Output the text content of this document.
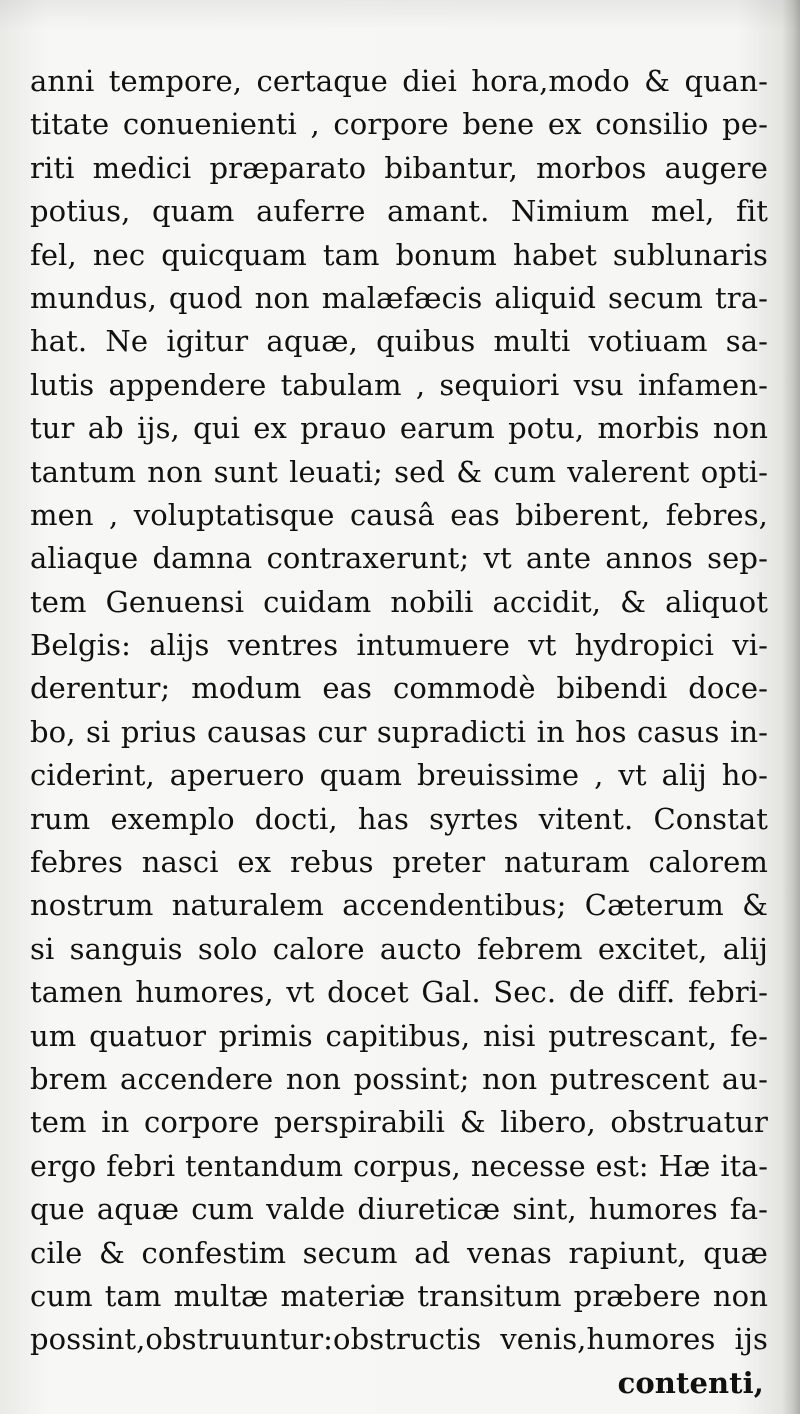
anni tempore, certaque diei hora,modo & quan-
titate conuenienti , corpore bene ex consilio pe-
riti medici præparato bibantur, morbos augere
potius, quam auferre amant. Nimium mel, fit
fel, nec quicquam tam bonum habet sublunaris
mundus, quod non malæfæcis aliquid secum tra-
hat. Ne igitur aquæ, quibus multi votiuam sa-
lutis appendere tabulam , sequiori vsu infamen-
tur ab ijs, qui ex prauo earum potu, morbis non
tantum non sunt leuati; sed & cum valerent opti-
men , voluptatisque causâ eas biberent, febres,
aliaque damna contraxerunt; vt ante annos sep-
tem Genuensi cuidam nobili accidit, & aliquot
Belgis: alijs ventres intumuere vt hydropici vi-
derentur; modum eas commodè bibendi doce-
bo, si prius causas cur supradicti in hos casus in-
ciderint, aperuero quam breuissime , vt alij ho-
rum exemplo docti, has syrtes vitent. Constat
febres nasci ex rebus preter naturam calorem
nostrum naturalem accendentibus; Cæterum &
si sanguis solo calore aucto febrem excitet, alij
tamen humores, vt docet Gal. Sec. de diff. febri-
um quatuor primis capitibus, nisi putrescant, fe-
brem accendere non possint; non putrescent au-
tem in corpore perspirabili & libero, obstruatur
ergo febri tentandum corpus, necesse est: Hæ ita-
que aquæ cum valde diureticæ sint, humores fa-
cile & confestim secum ad venas rapiunt, quæ
cum tam multæ materiæ transitum præbere non
possint,obstruuntur:obstructis venis,humores ijs
contenti,
